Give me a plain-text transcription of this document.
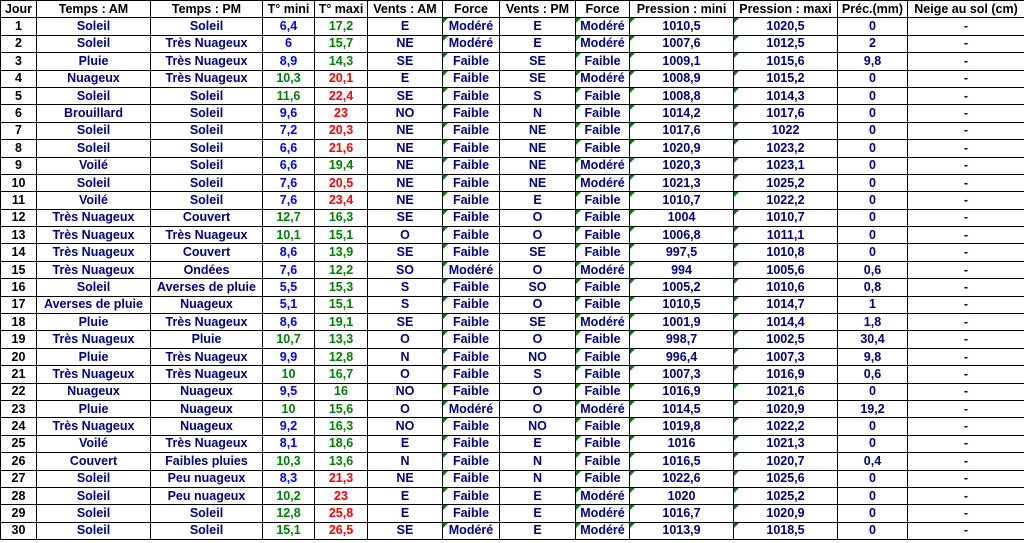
Jour	Temps : AM	Temps : PM	T° mini	T° maxi	Vents : AM	Force	Vents : PM	Force	Pression : mini	Pression : maxi	Préc.(mm)	Neige au sol (cm)
1	Soleil	Soleil	6,4	17,2	E	Modéré	E	Modéré	1010,5	1020,5	0	-
2	Soleil	Très Nuageux	6	15,7	NE	Modéré	E	Modéré	1007,6	1012,5	2	-
3	Pluie	Très Nuageux	8,9	14,3	SE	Faible	SE	Faible	1009,1	1015,6	9,8	-
4	Nuageux	Très Nuageux	10,3	20,1	E	Faible	SE	Modéré	1008,9	1015,2	0	-
5	Soleil	Soleil	11,6	22,4	SE	Faible	S	Faible	1008,8	1014,3	0	-
6	Brouillard	Soleil	9,6	23	NO	Faible	N	Faible	1014,2	1017,6	0	-
7	Soleil	Soleil	7,2	20,3	NE	Faible	NE	Faible	1017,6	1022	0	-
8	Soleil	Soleil	6,6	21,6	NE	Faible	NE	Faible	1020,9	1023,2	0	-
9	Voilé	Soleil	6,6	19,4	NE	Faible	NE	Modéré	1020,3	1023,1	0	-
10	Soleil	Soleil	7,6	20,5	NE	Faible	NE	Modéré	1021,3	1025,2	0	-
11	Voilé	Soleil	7,6	23,4	NE	Faible	E	Faible	1010,7	1022,2	0	-
12	Très Nuageux	Couvert	12,7	16,3	SE	Faible	O	Faible	1004	1010,7	0	-
13	Très Nuageux	Très Nuageux	10,1	15,1	O	Faible	O	Faible	1006,8	1011,1	0	-
14	Très Nuageux	Couvert	8,6	13,9	SE	Faible	SE	Faible	997,5	1010,8	0	-
15	Très Nuageux	Ondées	7,6	12,2	SO	Modéré	O	Modéré	994	1005,6	0,6	-
16	Soleil	Averses de pluie	5,5	15,3	S	Faible	SO	Faible	1005,2	1010,6	0,8	-
17	Averses de pluie	Nuageux	5,1	15,1	S	Faible	O	Faible	1010,5	1014,7	1	-
18	Pluie	Très Nuageux	8,6	19,1	SE	Faible	SE	Modéré	1001,9	1014,4	1,8	-
19	Très Nuageux	Pluie	10,7	13,3	O	Faible	O	Faible	998,7	1002,5	30,4	-
20	Pluie	Très Nuageux	9,9	12,8	N	Faible	NO	Faible	996,4	1007,3	9,8	-
21	Très Nuageux	Très Nuageux	10	16,7	O	Faible	S	Faible	1007,3	1016,9	0,6	-
22	Nuageux	Nuageux	9,5	16	NO	Faible	O	Faible	1016,9	1021,6	0	-
23	Pluie	Nuageux	10	15,6	O	Modéré	O	Modéré	1014,5	1020,9	19,2	-
24	Très Nuageux	Nuageux	9,2	16,3	NO	Faible	NO	Faible	1019,8	1022,2	0	-
25	Voilé	Très Nuageux	8,1	18,6	E	Faible	E	Faible	1016	1021,3	0	-
26	Couvert	Faibles pluies	10,3	13,6	N	Faible	N	Faible	1016,5	1020,7	0,4	-
27	Soleil	Peu nuageux	8,3	21,3	NE	Faible	N	Faible	1022,6	1025,6	0	-
28	Soleil	Peu nuageux	10,2	23	E	Faible	E	Modéré	1020	1025,2	0	-
29	Soleil	Soleil	12,8	25,8	E	Faible	E	Modéré	1016,7	1020,9	0	-
30	Soleil	Soleil	15,1	26,5	SE	Modéré	E	Modéré	1013,9	1018,5	0	-
